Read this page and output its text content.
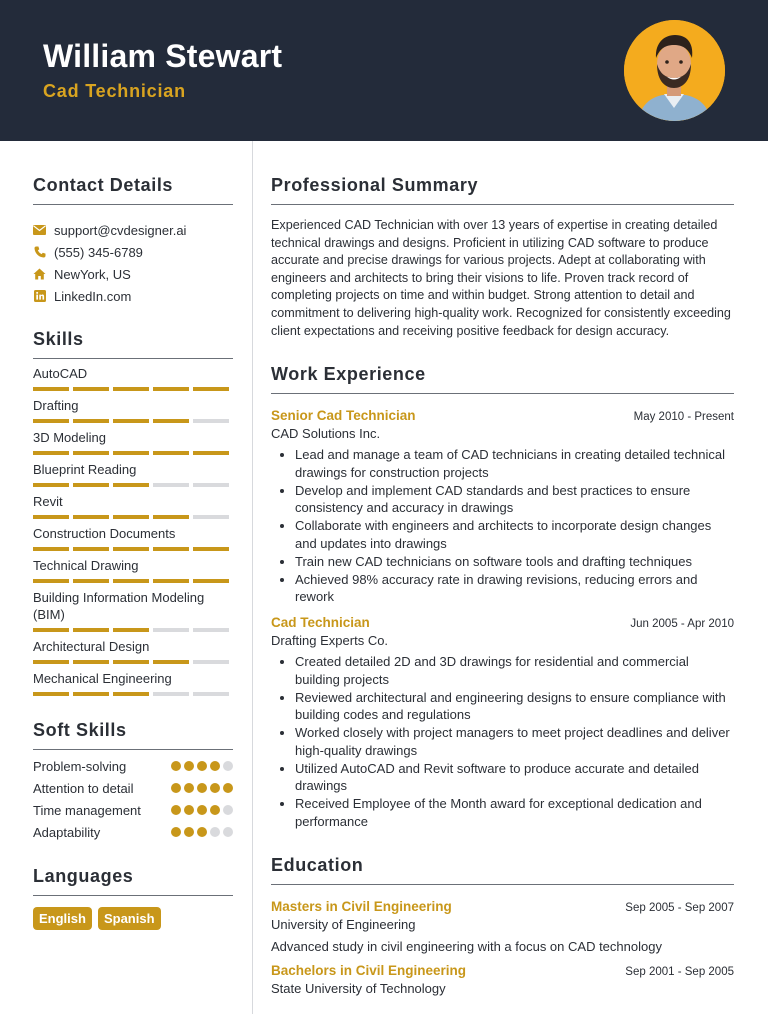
William Stewart
Cad Technician
Contact Details
support@cvdesigner.ai
(555) 345-6789
NewYork, US
LinkedIn.com
Skills
AutoCAD
Drafting
3D Modeling
Blueprint Reading
Revit
Construction Documents
Technical Drawing
Building Information Modeling (BIM)
Architectural Design
Mechanical Engineering
Soft Skills
Problem-solving
Attention to detail
Time management
Adaptability
Languages
English	Spanish
Professional Summary
Experienced CAD Technician with over 13 years of expertise in creating detailed technical drawings and designs. Proficient in utilizing CAD software to produce accurate and precise drawings for various projects. Adept at collaborating with engineers and architects to bring their visions to life. Proven track record of completing projects on time and within budget. Strong attention to detail and commitment to delivering high-quality work. Recognized for consistently exceeding client expectations and receiving positive feedback for design accuracy.
Work Experience
Senior Cad Technician	May 2010 - Present
CAD Solutions Inc.
• Lead and manage a team of CAD technicians in creating detailed technical drawings for construction projects
• Develop and implement CAD standards and best practices to ensure consistency and accuracy in drawings
• Collaborate with engineers and architects to incorporate design changes and updates into drawings
• Train new CAD technicians on software tools and drafting techniques
• Achieved 98% accuracy rate in drawing revisions, reducing errors and rework
Cad Technician	Jun 2005 - Apr 2010
Drafting Experts Co.
• Created detailed 2D and 3D drawings for residential and commercial building projects
• Reviewed architectural and engineering designs to ensure compliance with building codes and regulations
• Worked closely with project managers to meet project deadlines and deliver high-quality drawings
• Utilized AutoCAD and Revit software to produce accurate and detailed drawings
• Received Employee of the Month award for exceptional dedication and performance
Education
Masters in Civil Engineering	Sep 2005 - Sep 2007
University of Engineering
Advanced study in civil engineering with a focus on CAD technology
Bachelors in Civil Engineering	Sep 2001 - Sep 2005
State University of Technology
